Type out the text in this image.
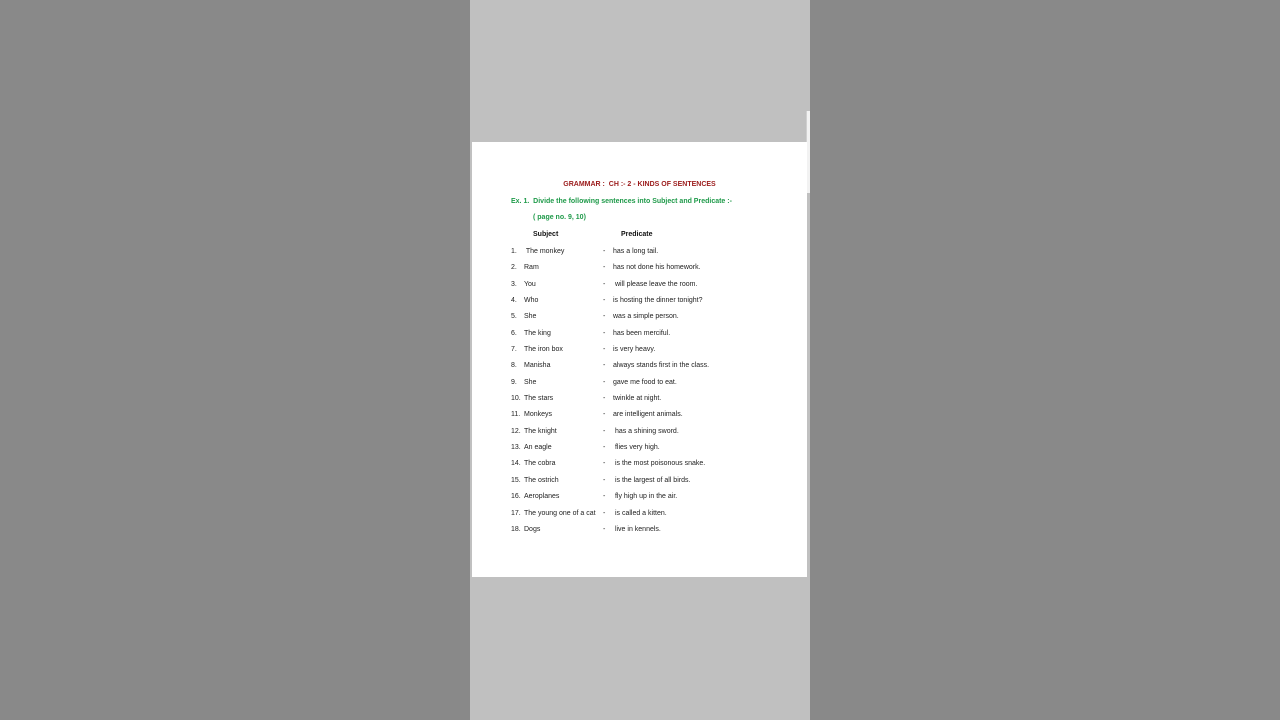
GRAMMAR :  CH :- 2 - KINDS OF SENTENCES
Ex. 1.  Divide the following sentences into Subject and Predicate :-
( page no. 9, 10)
Subject	Predicate
1. The monkey	- has a long tail.
2. Ram	- has not done his homework.
3. You	- will please leave the room.
4. Who	- is hosting the dinner tonight?
5. She	- was a simple person.
6. The king	- has been merciful.
7. The iron box	- is very heavy.
8. Manisha	- always stands first in the class.
9. She	- gave me food to eat.
10. The stars	- twinkle at night.
11. Monkeys	- are intelligent animals.
12. The knight	- has a shining sword.
13. An eagle	- flies very high.
14. The cobra	- is the most poisonous snake.
15. The ostrich	- is the largest of all birds.
16. Aeroplanes	- fly high up in the air.
17. The young one of a cat - is called a kitten.
18. Dogs	- live in kennels.
